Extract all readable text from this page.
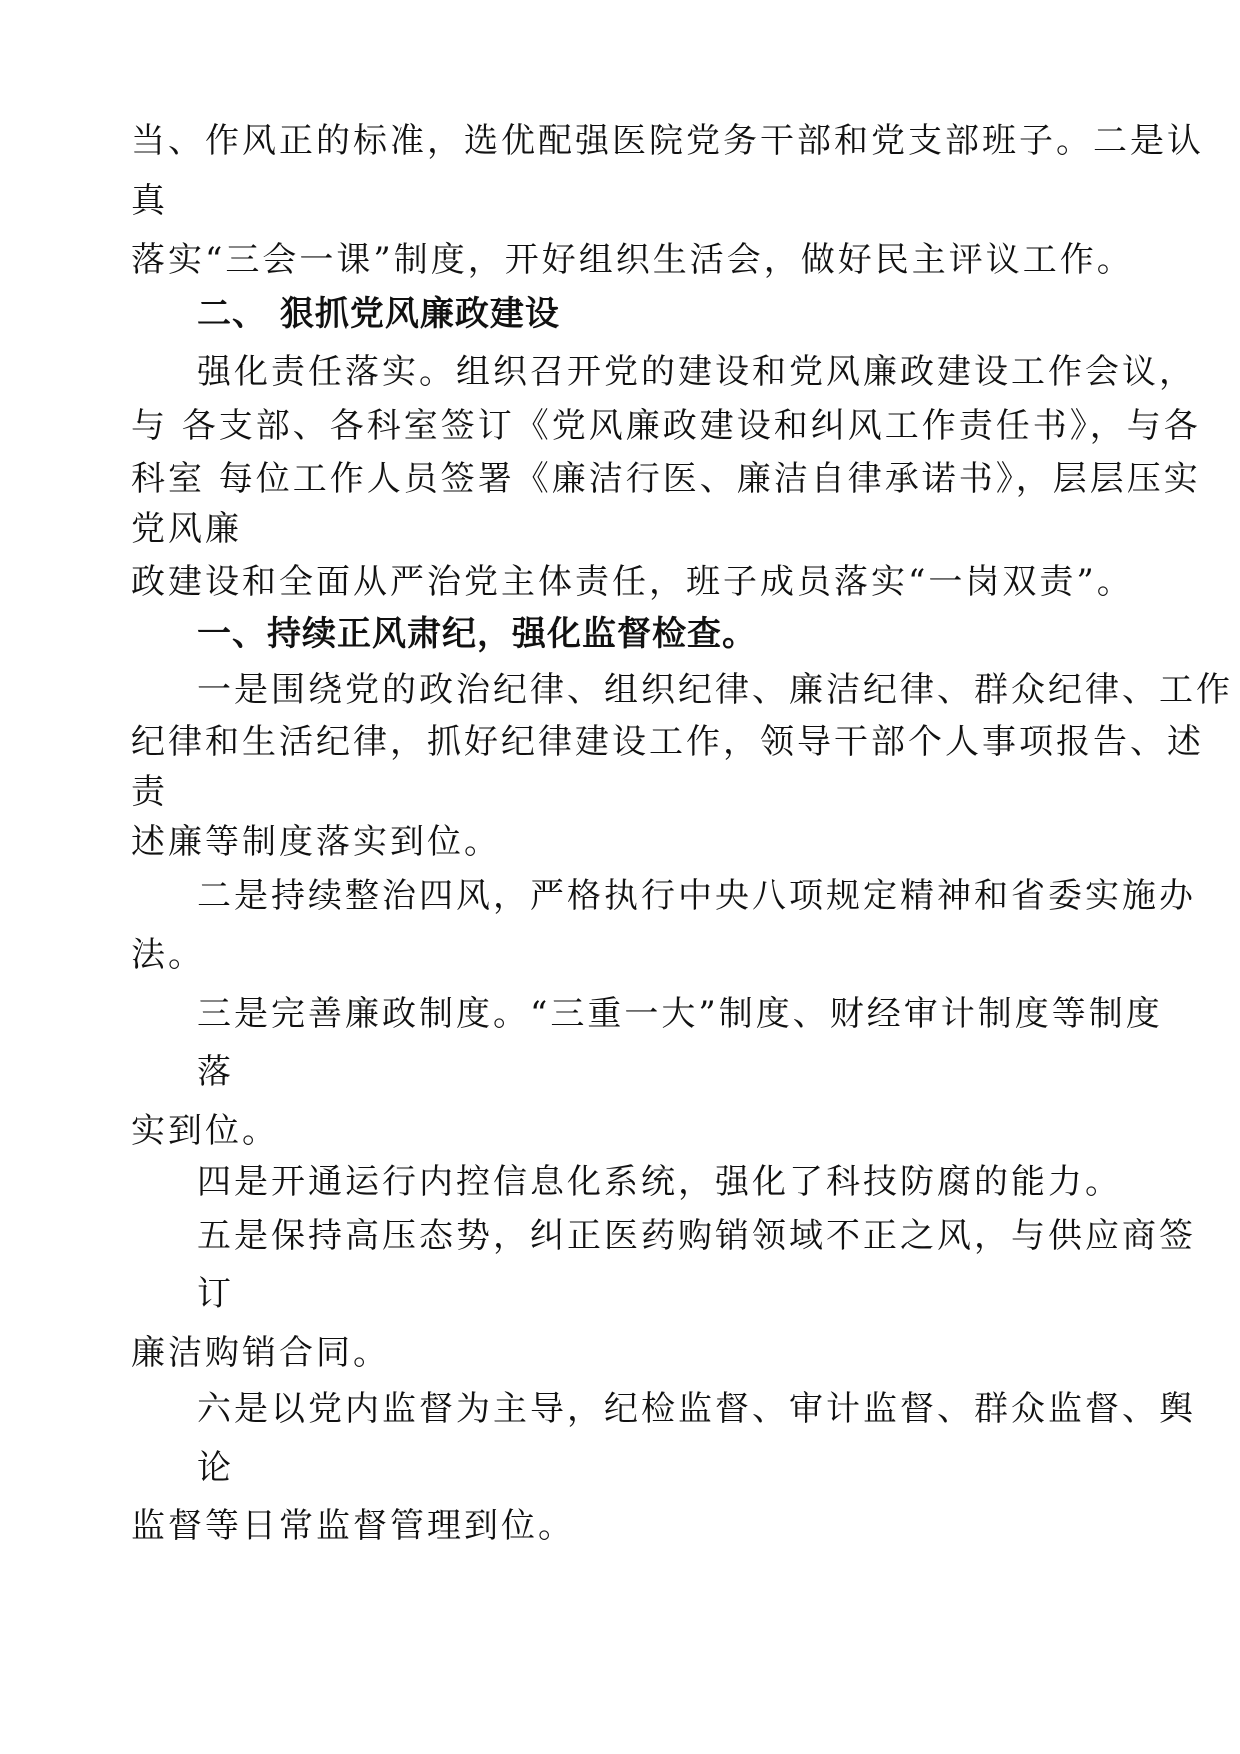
当、作风正的标准，选优配强医院党务干部和党支部班子。二是认
真
落实“三会一课”制度，开好组织生活会，做好民主评议工作。
二、 狠抓党风廉政建设
强化责任落实。组织召开党的建设和党风廉政建设工作会议，
与 各支部、各科室签订《党风廉政建设和纠风工作责任书》，与各
科室 每位工作人员签署《廉洁行医、廉洁自律承诺书》，层层压实
党风廉
政建设和全面从严治党主体责任，班子成员落实“一岗双责”。
一、持续正风肃纪，强化监督检查。
一是围绕党的政治纪律、组织纪律、廉洁纪律、群众纪律、工作
纪律和生活纪律，抓好纪律建设工作，领导干部个人事项报告、述
责
述廉等制度落实到位。
二是持续整治四风，严格执行中央八项规定精神和省委实施办
法。
三是完善廉政制度。“三重一大”制度、财经审计制度等制度
落
实到位。
四是开通运行内控信息化系统，强化了科技防腐的能力。
五是保持高压态势，纠正医药购销领域不正之风，与供应商签
订
廉洁购销合同。
六是以党内监督为主导，纪检监督、审计监督、群众监督、舆
论
监督等日常监督管理到位。
